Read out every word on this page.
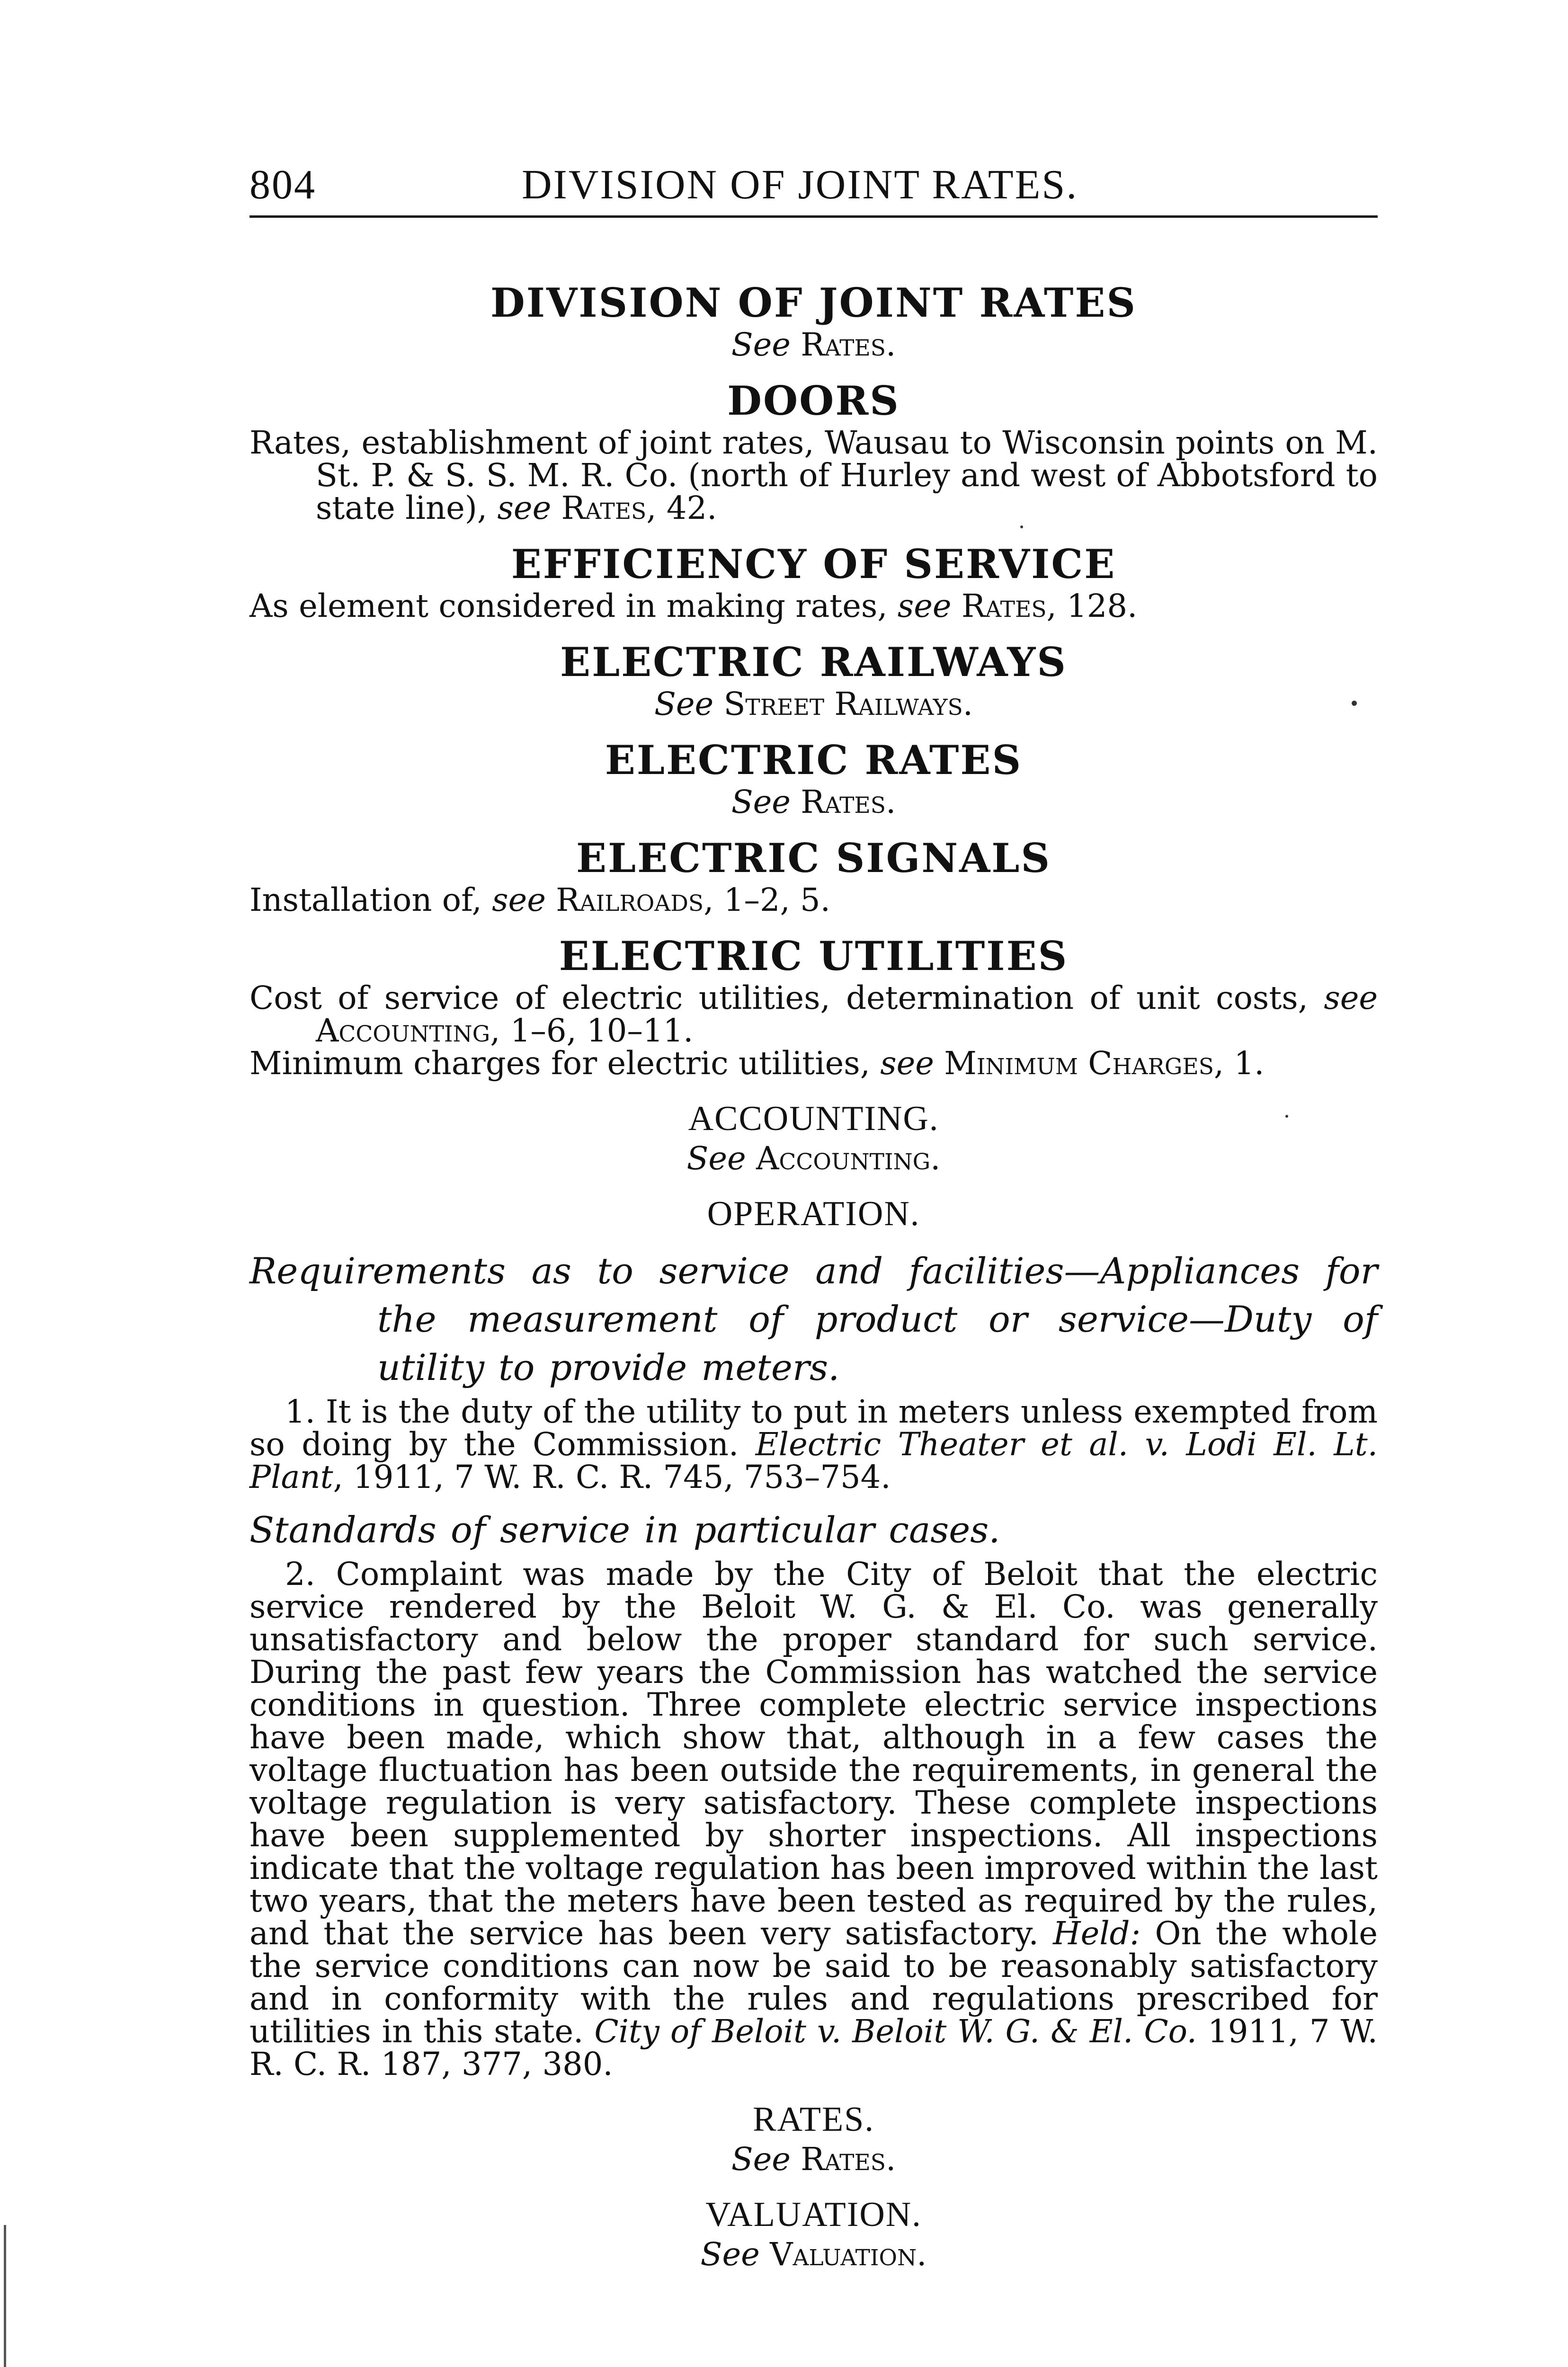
804	DIVISION OF JOINT RATES.
DIVISION OF JOINT RATES

See Rates.

DOORS

Rates, establishment of joint rates, Wausau to Wisconsin points on M. St. P. & S. S. M. R. Co. (north of Hurley and west of Abbotsford to state line), see Rates, 42.

EFFICIENCY OF SERVICE

As element considered in making rates, see Rates, 128.

ELECTRIC RAILWAYS

See Street Railways.

ELECTRIC RATES

See Rates.

ELECTRIC SIGNALS

Installation of, see Railroads, 1–2, 5.

ELECTRIC UTILITIES

Cost of service of electric utilities, determination of unit costs, see Accounting, 1–6, 10–11.

Minimum charges for electric utilities, see Minimum Charges, 1.

ACCOUNTING.

See Accounting.

OPERATION.
Requirements as to service and facilities—Appliances for the measurement of product or service—Duty of utility to provide meters.

1. It is the duty of the utility to put in meters unless exempted from so doing by the Commission. Electric Theater et al. v. Lodi El. Lt. Plant, 1911, 7 W. R. C. R. 745, 753–754.

Standards of service in particular cases.

2. Complaint was made by the City of Beloit that the electric service rendered by the Beloit W. G. & El. Co. was generally unsatisfactory and below the proper standard for such service. During the past few years the Commission has watched the service conditions in question. Three complete electric service inspections have been made, which show that, although in a few cases the voltage fluctuation has been outside the requirements, in general the voltage regulation is very satisfactory. These complete inspections have been supplemented by shorter inspections. All inspections indicate that the voltage regulation has been improved within the last two years, that the meters have been tested as required by the rules, and that the service has been very satisfactory. Held: On the whole the service conditions can now be said to be reasonably satisfactory and in conformity with the rules and regulations prescribed for utilities in this state. City of Beloit v. Beloit W. G. & El. Co. 1911, 7 W. R. C. R. 187, 377, 380.

RATES.

See Rates.

VALUATION.

See Valuation.
